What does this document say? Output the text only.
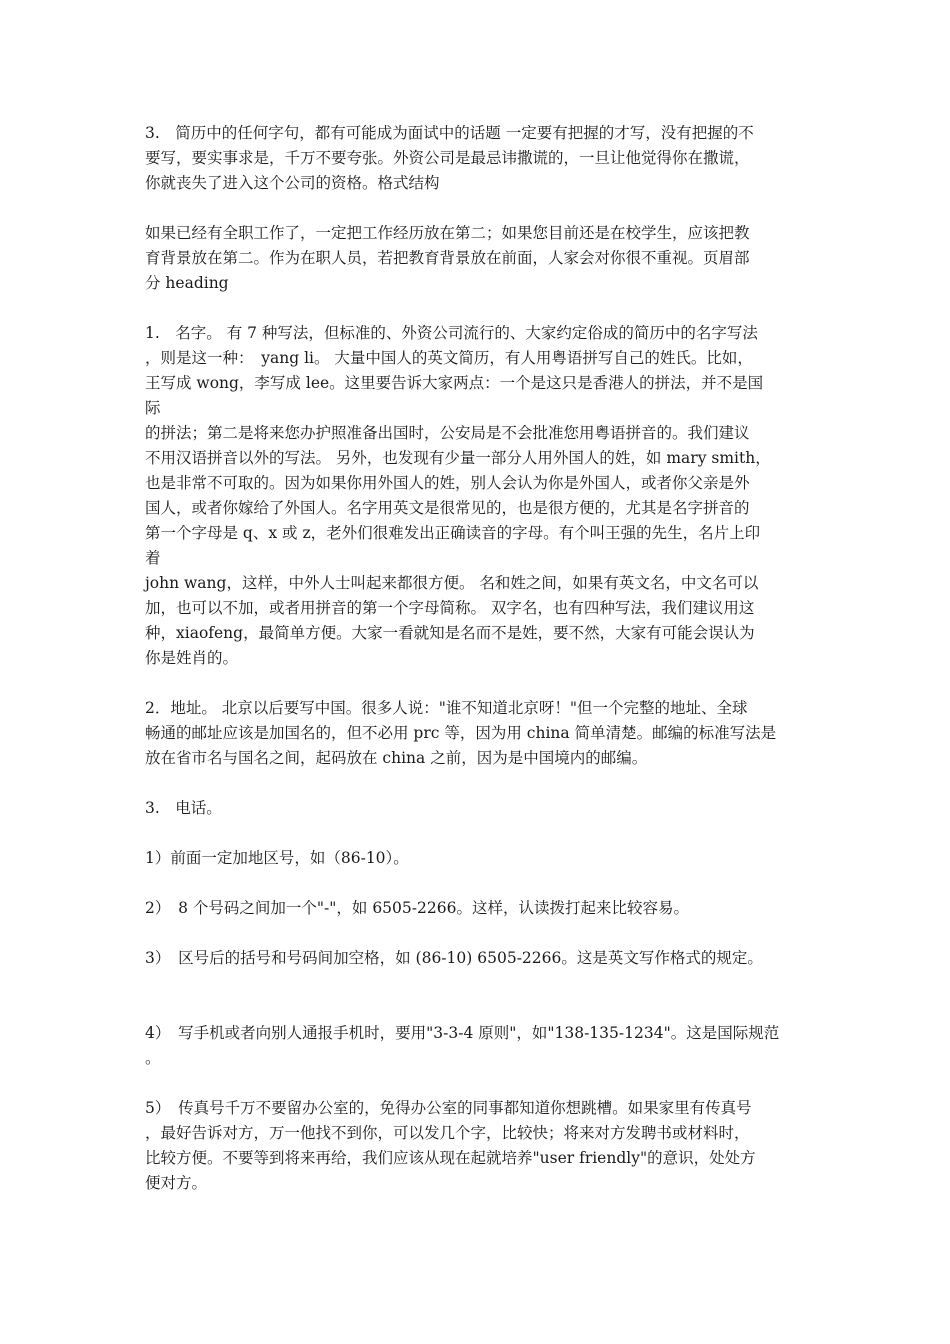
3.　简历中的任何字句，都有可能成为面试中的话题 一定要有把握的才写，没有把握的不
要写，要实事求是，千万不要夸张。外资公司是最忌讳撒谎的，一旦让他觉得你在撒谎，
你就丧失了进入这个公司的资格。格式结构

如果已经有全职工作了，一定把工作经历放在第二；如果您目前还是在校学生，应该把教
育背景放在第二。作为在职人员，若把教育背景放在前面，人家会对你很不重视。页眉部
分 heading

1.　名字。 有 7 种写法，但标准的、外资公司流行的、大家约定俗成的简历中的名字写法
，则是这一种：　yang li。 大量中国人的英文简历，有人用粤语拼写自己的姓氏。比如，
王写成 wong，李写成 lee。这里要告诉大家两点：一个是这只是香港人的拼法，并不是国
际
的拼法；第二是将来您办护照准备出国时，公安局是不会批准您用粤语拼音的。我们建议
不用汉语拼音以外的写法。 另外，也发现有少量一部分人用外国人的姓，如 mary smith，
也是非常不可取的。因为如果你用外国人的姓，别人会认为你是外国人，或者你父亲是外
国人，或者你嫁给了外国人。名字用英文是很常见的，也是很方便的，尤其是名字拼音的
第一个字母是 q、x 或 z，老外们很难发出正确读音的字母。有个叫王强的先生，名片上印
着
john wang，这样，中外人士叫起来都很方便。 名和姓之间，如果有英文名，中文名可以
加，也可以不加，或者用拼音的第一个字母简称。 双字名，也有四种写法，我们建议用这
种，xiaofeng，最简单方便。大家一看就知是名而不是姓，要不然，大家有可能会误认为
你是姓肖的。

2．地址。 北京以后要写中国。很多人说："谁不知道北京呀！"但一个完整的地址、全球
畅通的邮址应该是加国名的，但不必用 prc 等，因为用 china 简单清楚。邮编的标准写法是
放在省市名与国名之间，起码放在 china 之前，因为是中国境内的邮编。

3.　电话。

1）前面一定加地区号，如（86-10）。

2）　8 个号码之间加一个"-"，如 6505-2266。这样，认读拨打起来比较容易。

3）　区号后的括号和号码间加空格，如 (86-10) 6505-2266。这是英文写作格式的规定。

4）　写手机或者向别人通报手机时，要用"3-3-4 原则"，如"138-135-1234"。这是国际规范
。

5）　传真号千万不要留办公室的，免得办公室的同事都知道你想跳槽。如果家里有传真号
，最好告诉对方，万一他找不到你，可以发几个字，比较快；将来对方发聘书或材料时，
比较方便。不要等到将来再给，我们应该从现在起就培养"user friendly"的意识，处处方
便对方。
